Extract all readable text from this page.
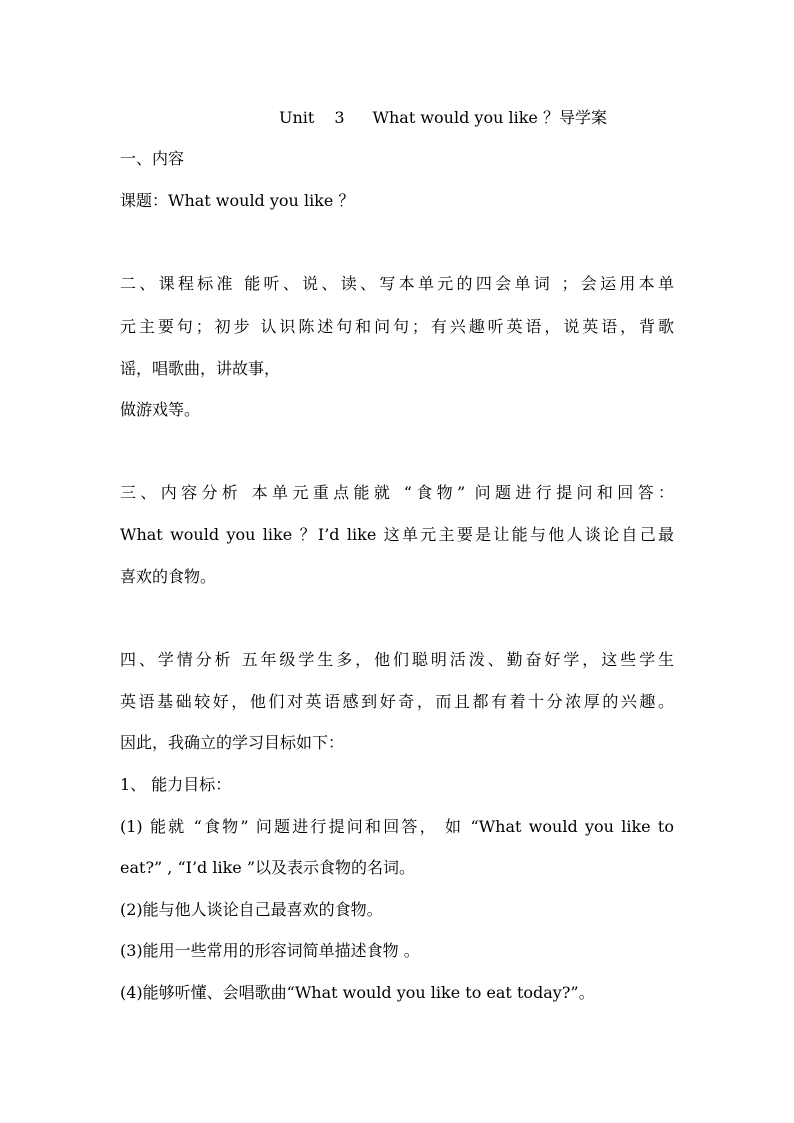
Unit 3 What would you like ？导学案
一、内容
课题：What would you like ？
二、课程标准 能听、说、读、写本单元的四会单词 ；会运用本单
元主要句；初步 认识陈述句和问句；有兴趣听英语，说英语，背歌
谣，唱歌曲，讲故事，
做游戏等。
三、内容分析 本单元重点能就 “食物” 问题进行提问和回答：
What would you like ？I’d like 这单元主要是让能与他人谈论自己最
喜欢的食物。
四、学情分析 五年级学生多，他们聪明活泼、勤奋好学，这些学生
英语基础较好，他们对英语感到好奇，而且都有着十分浓厚的兴趣。
因此，我确立的学习目标如下：
1、 能力目标：
(1) 能就 “食物” 问题进行提问和回答， 如 “What would you like to
eat?” , “I’d like ”以及表示食物的名词。
(2)能与他人谈论自己最喜欢的食物。
(3)能用一些常用的形容词简单描述食物 。
(4)能够听懂、会唱歌曲“What would you like to eat today?”。
